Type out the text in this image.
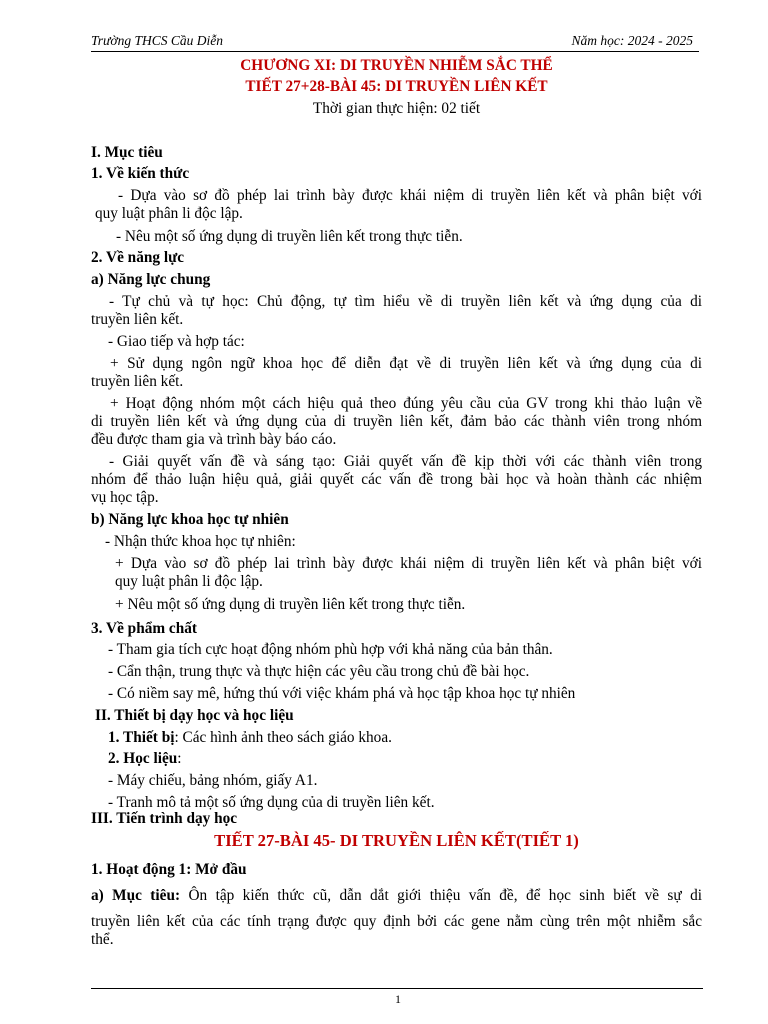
Trường THCS Cầu Diễn	Năm học: 2024 - 2025
CHƯƠNG XI: DI TRUYỀN NHIỄM SẮC THỂ
TIẾT 27+28-BÀI 45: DI TRUYỀN LIÊN KẾT
Thời gian thực hiện: 02 tiết
I. Mục tiêu
1. Về kiến thức
- Dựa vào sơ đồ phép lai trình bày được khái niệm di truyền liên kết và phân biệt với
quy luật phân li độc lập.
- Nêu một số ứng dụng di truyền liên kết trong thực tiễn.
2. Về năng lực
a) Năng lực chung
- Tự chủ và tự học: Chủ động, tự tìm hiểu về di truyền liên kết và ứng dụng của di
truyền liên kết.
- Giao tiếp và hợp tác:
+ Sử dụng ngôn ngữ khoa học để diễn đạt về di truyền liên kết và ứng dụng của di
truyền liên kết.
+ Hoạt động nhóm một cách hiệu quả theo đúng yêu cầu của GV trong khi thảo luận về
di truyền liên kết và ứng dụng của di truyền liên kết, đảm bảo các thành viên trong nhóm
đều được tham gia và trình bày báo cáo.
- Giải quyết vấn đề và sáng tạo: Giải quyết vấn đề kịp thời với các thành viên trong
nhóm để thảo luận hiệu quả, giải quyết các vấn đề trong bài học và hoàn thành các nhiệm
vụ học tập.
b) Năng lực khoa học tự nhiên
- Nhận thức khoa học tự nhiên:
+ Dựa vào sơ đồ phép lai trình bày được khái niệm di truyền liên kết và phân biệt với
quy luật phân li độc lập.
+ Nêu một số ứng dụng di truyền liên kết trong thực tiễn.
3. Về phẩm chất
- Tham gia tích cực hoạt động nhóm phù hợp với khả năng của bản thân.
- Cẩn thận, trung thực và thực hiện các yêu cầu trong chủ đề bài học.
- Có niềm say mê, hứng thú với việc khám phá và học tập khoa học tự nhiên
II. Thiết bị dạy học và học liệu
1. Thiết bị: Các hình ảnh theo sách giáo khoa.
2. Học liệu:
- Máy chiếu, bảng nhóm, giấy A1.
- Tranh mô tả một số ứng dụng của di truyền liên kết.
III. Tiến trình dạy học
TIẾT 27-BÀI 45- DI TRUYỀN LIÊN KẾT(TIẾT 1)
1. Hoạt động 1: Mở đầu
a) Mục tiêu: Ôn tập kiến thức cũ, dẫn dắt giới thiệu vấn đề, để học sinh biết về sự di
truyền liên kết của các tính trạng được quy định bởi các gene nằm cùng trên một nhiễm sắc
thể.
1
